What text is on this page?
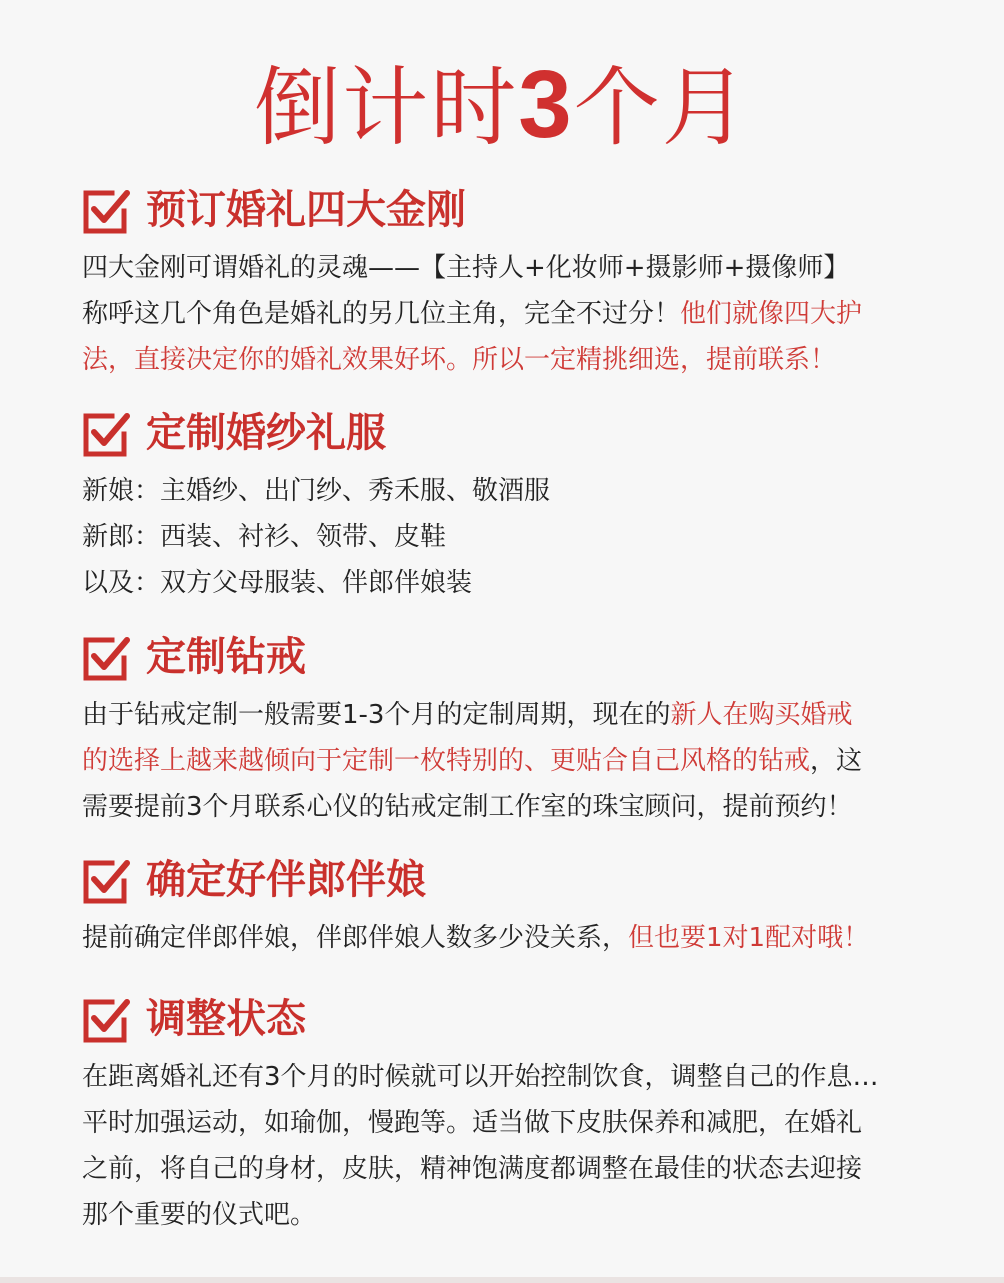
倒计时3个月
预订婚礼四大金刚
四大金刚可谓婚礼的灵魂——【主持人+化妆师+摄影师+摄像师】
称呼这几个角色是婚礼的另几位主角，完全不过分！他们就像四大护
法，直接决定你的婚礼效果好坏。所以一定精挑细选，提前联系！
定制婚纱礼服
新娘：主婚纱、出门纱、秀禾服、敬酒服
新郎：西装、衬衫、领带、皮鞋
以及：双方父母服装、伴郎伴娘装
定制钻戒
由于钻戒定制一般需要1-3个月的定制周期，现在的新人在购买婚戒
的选择上越来越倾向于定制一枚特别的、更贴合自己风格的钻戒，这
需要提前3个月联系心仪的钻戒定制工作室的珠宝顾问，提前预约！
确定好伴郎伴娘
提前确定伴郎伴娘，伴郎伴娘人数多少没关系，但也要1对1配对哦！
调整状态
在距离婚礼还有3个月的时候就可以开始控制饮食，调整自己的作息…
平时加强运动，如瑜伽，慢跑等。适当做下皮肤保养和减肥，在婚礼
之前，将自己的身材，皮肤，精神饱满度都调整在最佳的状态去迎接
那个重要的仪式吧。
